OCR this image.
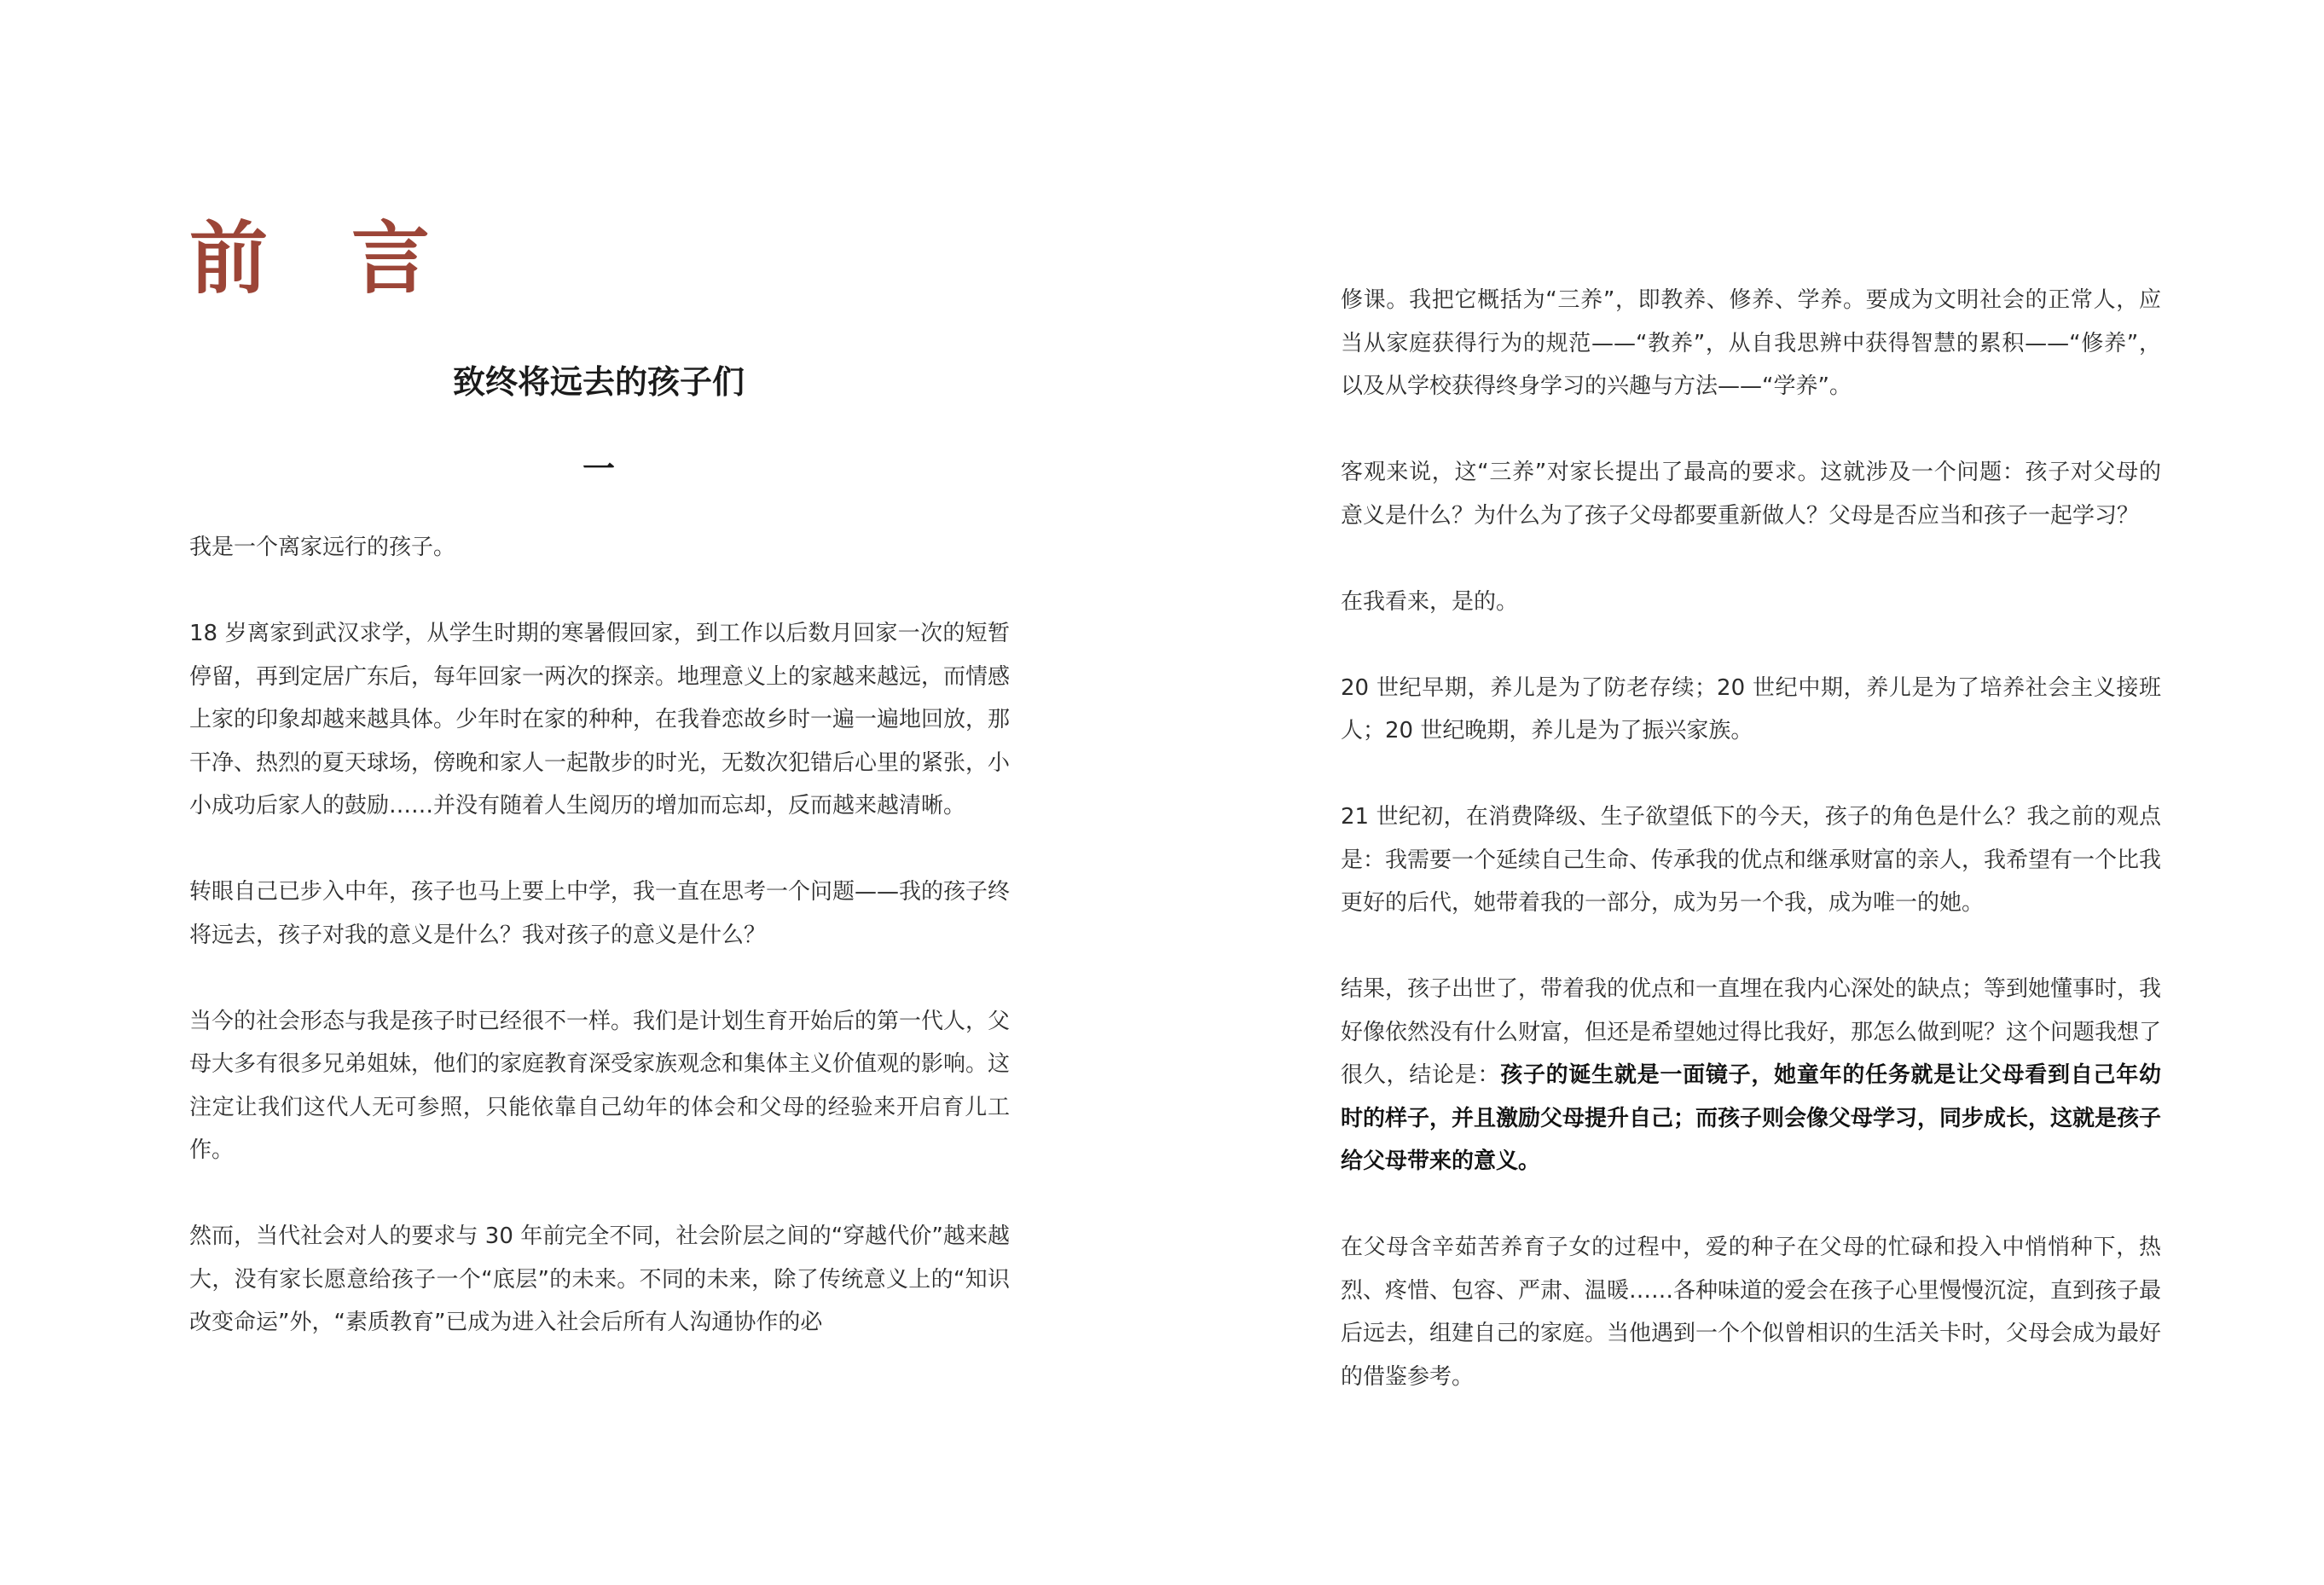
前 言
致终将远去的孩子们
一

我是一个离家远行的孩子。

18 岁离家到武汉求学，从学生时期的寒暑假回家，到工作以后数月回家一次的短暂停留，再到定居广东后，每年回家一两次的探亲。地理意义上的家越来越远，而情感上家的印象却越来越具体。少年时在家的种种，在我眷恋故乡时一遍一遍地回放，那干净、热烈的夏天球场，傍晚和家人一起散步的时光，无数次犯错后心里的紧张，小小成功后家人的鼓励……并没有随着人生阅历的增加而忘却，反而越来越清晰。

转眼自己已步入中年，孩子也马上要上中学，我一直在思考一个问题——我的孩子终将远去，孩子对我的意义是什么？我对孩子的意义是什么？

当今的社会形态与我是孩子时已经很不一样。我们是计划生育开始后的第一代人，父母大多有很多兄弟姐妹，他们的家庭教育深受家族观念和集体主义价值观的影响。这注定让我们这代人无可参照，只能依靠自己幼年的体会和父母的经验来开启育儿工作。

然而，当代社会对人的要求与 30 年前完全不同，社会阶层之间的“穿越代价”越来越大，没有家长愿意给孩子一个“底层”的未来。不同的未来，除了传统意义上的“知识改变命运”外，“素质教育”已成为进入社会后所有人沟通协作的必

修课。我把它概括为“三养”，即教养、修养、学养。要成为文明社会的正常人，应当从家庭获得行为的规范——“教养”，从自我思辨中获得智慧的累积——“修养”，以及从学校获得终身学习的兴趣与方法——“学养”。

客观来说，这“三养”对家长提出了最高的要求。这就涉及一个问题：孩子对父母的意义是什么？为什么为了孩子父母都要重新做人？父母是否应当和孩子一起学习？

在我看来，是的。

20 世纪早期，养儿是为了防老存续；20 世纪中期，养儿是为了培养社会主义接班人；20 世纪晚期，养儿是为了振兴家族。

21 世纪初，在消费降级、生子欲望低下的今天，孩子的角色是什么？我之前的观点是：我需要一个延续自己生命、传承我的优点和继承财富的亲人，我希望有一个比我更好的后代，她带着我的一部分，成为另一个我，成为唯一的她。

结果，孩子出世了，带着我的优点和一直埋在我内心深处的缺点；等到她懂事时，我好像依然没有什么财富，但还是希望她过得比我好，那怎么做到呢？这个问题我想了很久，结论是：孩子的诞生就是一面镜子，她童年的任务就是让父母看到自己年幼时的样子，并且激励父母提升自己；而孩子则会像父母学习，同步成长，这就是孩子给父母带来的意义。

在父母含辛茹苦养育子女的过程中，爱的种子在父母的忙碌和投入中悄悄种下，热烈、疼惜、包容、严肃、温暖……各种味道的爱会在孩子心里慢慢沉淀，直到孩子最后远去，组建自己的家庭。当他遇到一个个似曾相识的生活关卡时，父母会成为最好的借鉴参考。
